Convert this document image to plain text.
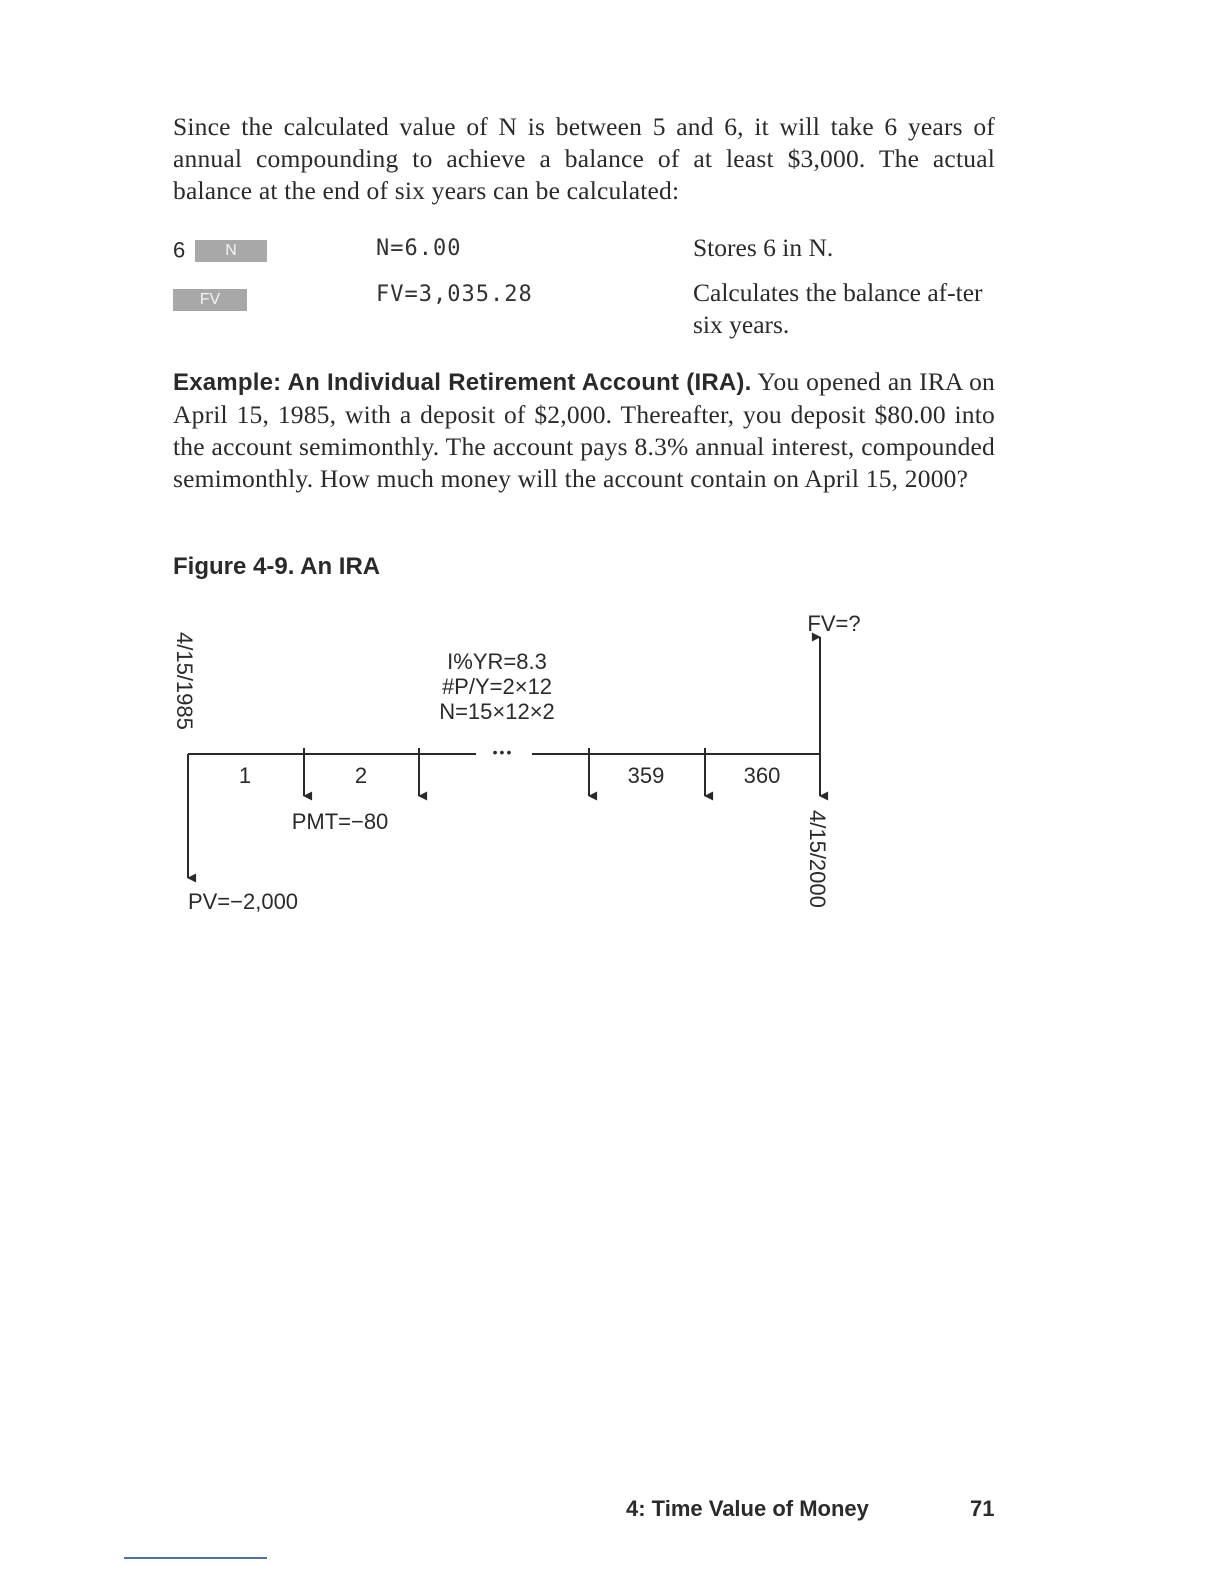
Since the calculated value of N is between 5 and 6, it will take 6 years of annual compounding to achieve a balance of at least $3,000. The actual balance at the end of six years can be calculated:
6 N	N=6.00	Stores 6 in N.
FV	FV=3,035.28	Calculates the balance af-ter six years.
Example: An Individual Retirement Account (IRA). You opened an IRA on April 15, 1985, with a deposit of $2,000. Thereafter, you deposit $80.00 into the account semimonthly. The account pays 8.3% annual interest, compounded semimonthly. How much money will the account contain on April 15, 2000?
Figure 4-9. An IRA
•••
1	2	359	360
I%YR=8.3
#P/Y=2×12
N=15×12×2
PMT=−80
PV=−2,000
FV=?
4/15/1985
4/15/2000
4: Time Value of Money	71
